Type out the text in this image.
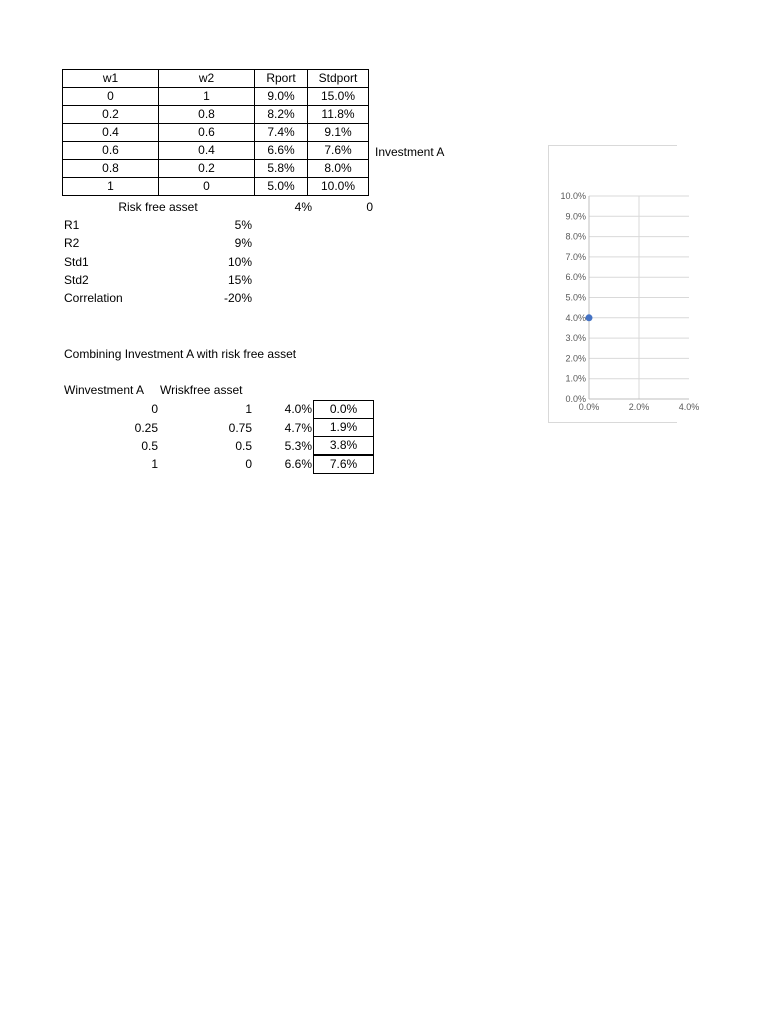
w1	w2	Rport	Stdport
0	1	9.0%	15.0%
0.2	0.8	8.2%	11.8%
0.4	0.6	7.4%	9.1%
0.6	0.4	6.6%	7.6%
0.8	0.2	5.8%	8.0%
1	0	5.0%	10.0%
Investment A
Risk free asset	4%	0
R1	5%
R2	9%
Std1	10%
Std2	15%
Correlation	-20%
Combining Investment A with risk free asset
Winvestment A Wriskfree asset
0	1	4.0%	0.0%
0.25	0.75	4.7%	1.9%
0.5	0.5	5.3%	3.8%
1	0	6.6%	7.6%
10.0%
9.0%
8.0%
7.0%
6.0%
5.0%
4.0%
3.0%
2.0%
1.0%
0.0%
0.0%	2.0%	4.0%
